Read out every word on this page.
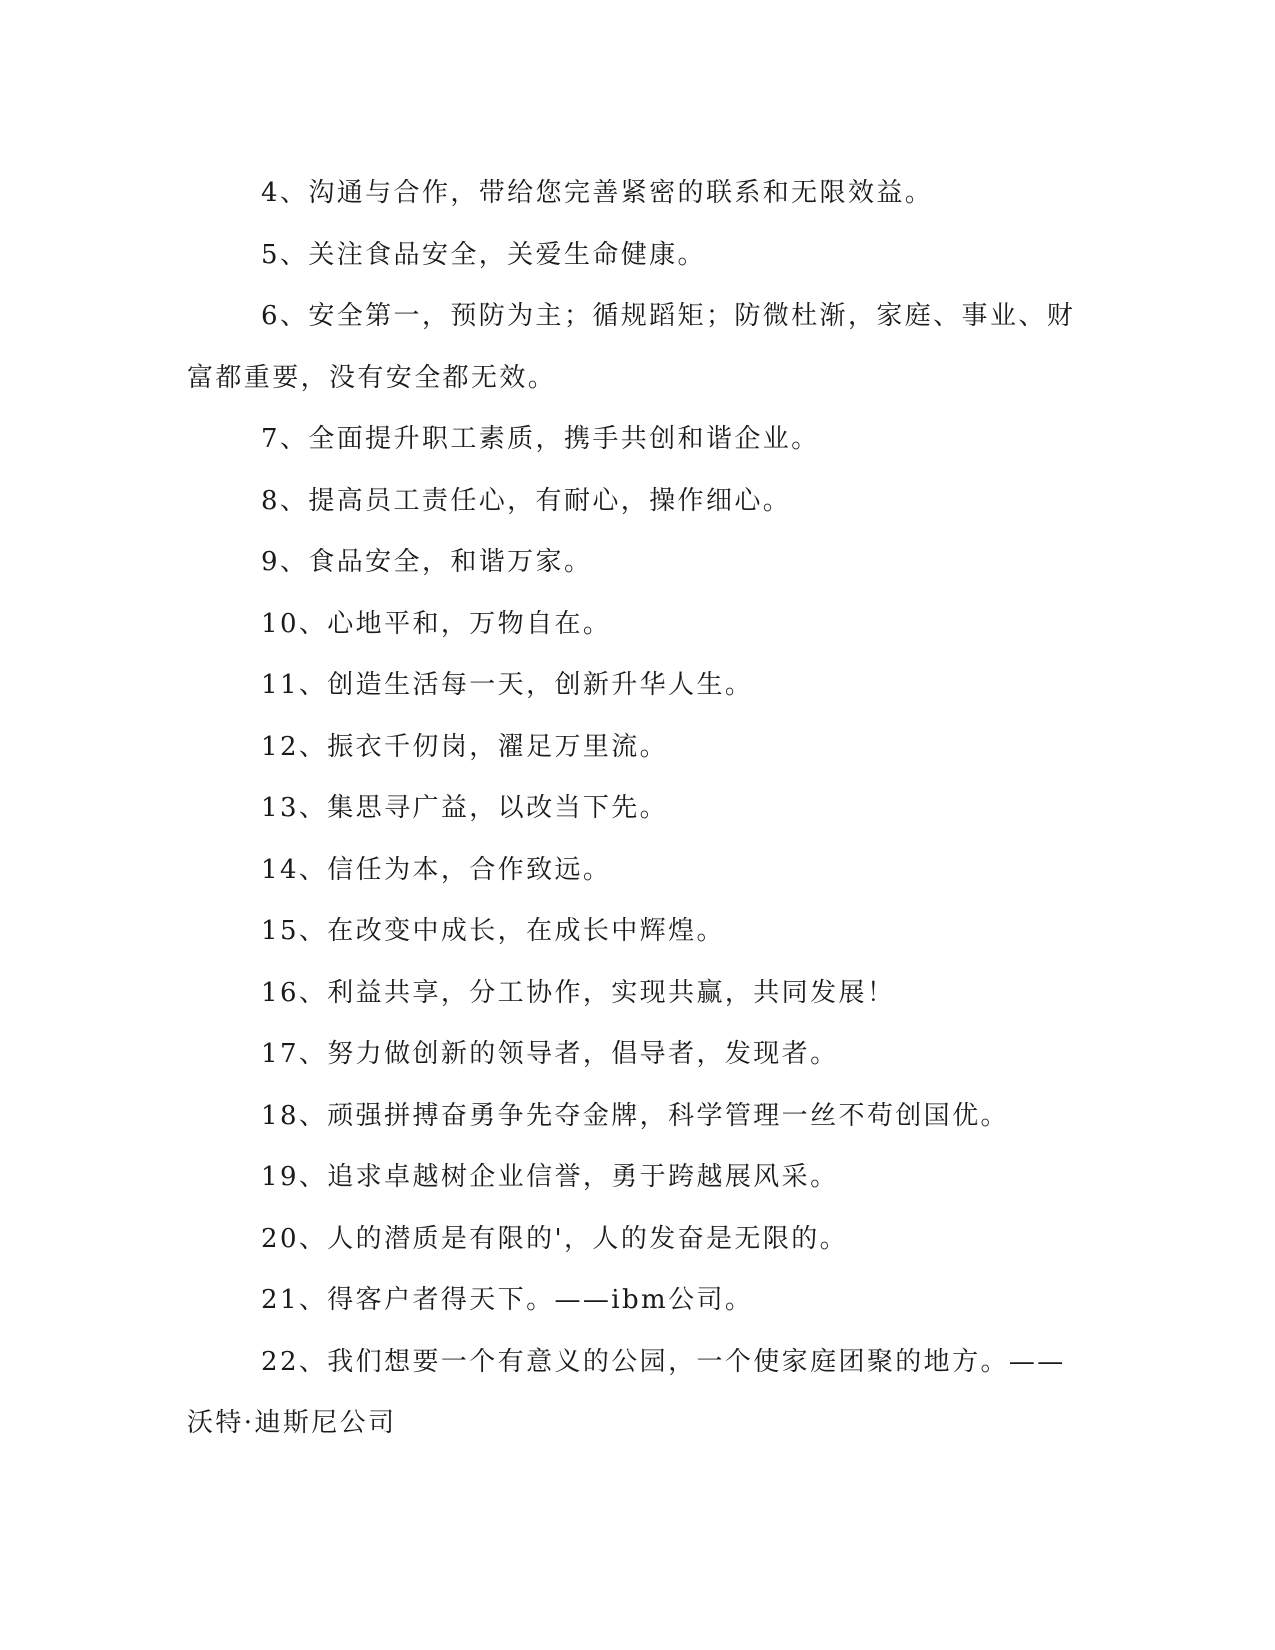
4、沟通与合作，带给您完善紧密的联系和无限效益。

5、关注食品安全，关爱生命健康。

6、安全第一，预防为主；循规蹈矩；防微杜渐，家庭、事业、财富都重要，没有安全都无效。

7、全面提升职工素质，携手共创和谐企业。

8、提高员工责任心，有耐心，操作细心。

9、食品安全，和谐万家。

10、心地平和，万物自在。

11、创造生活每一天，创新升华人生。

12、振衣千仞岗，濯足万里流。

13、集思寻广益，以改当下先。

14、信任为本，合作致远。

15、在改变中成长，在成长中辉煌。

16、利益共享，分工协作，实现共赢，共同发展！

17、努力做创新的领导者，倡导者，发现者。

18、顽强拼搏奋勇争先夺金牌，科学管理一丝不苟创国优。

19、追求卓越树企业信誉，勇于跨越展风采。

20、人的潜质是有限的'，人的发奋是无限的。

21、得客户者得天下。——ibm公司。

22、我们想要一个有意义的公园，一个使家庭团聚的地方。——沃特·迪斯尼公司
